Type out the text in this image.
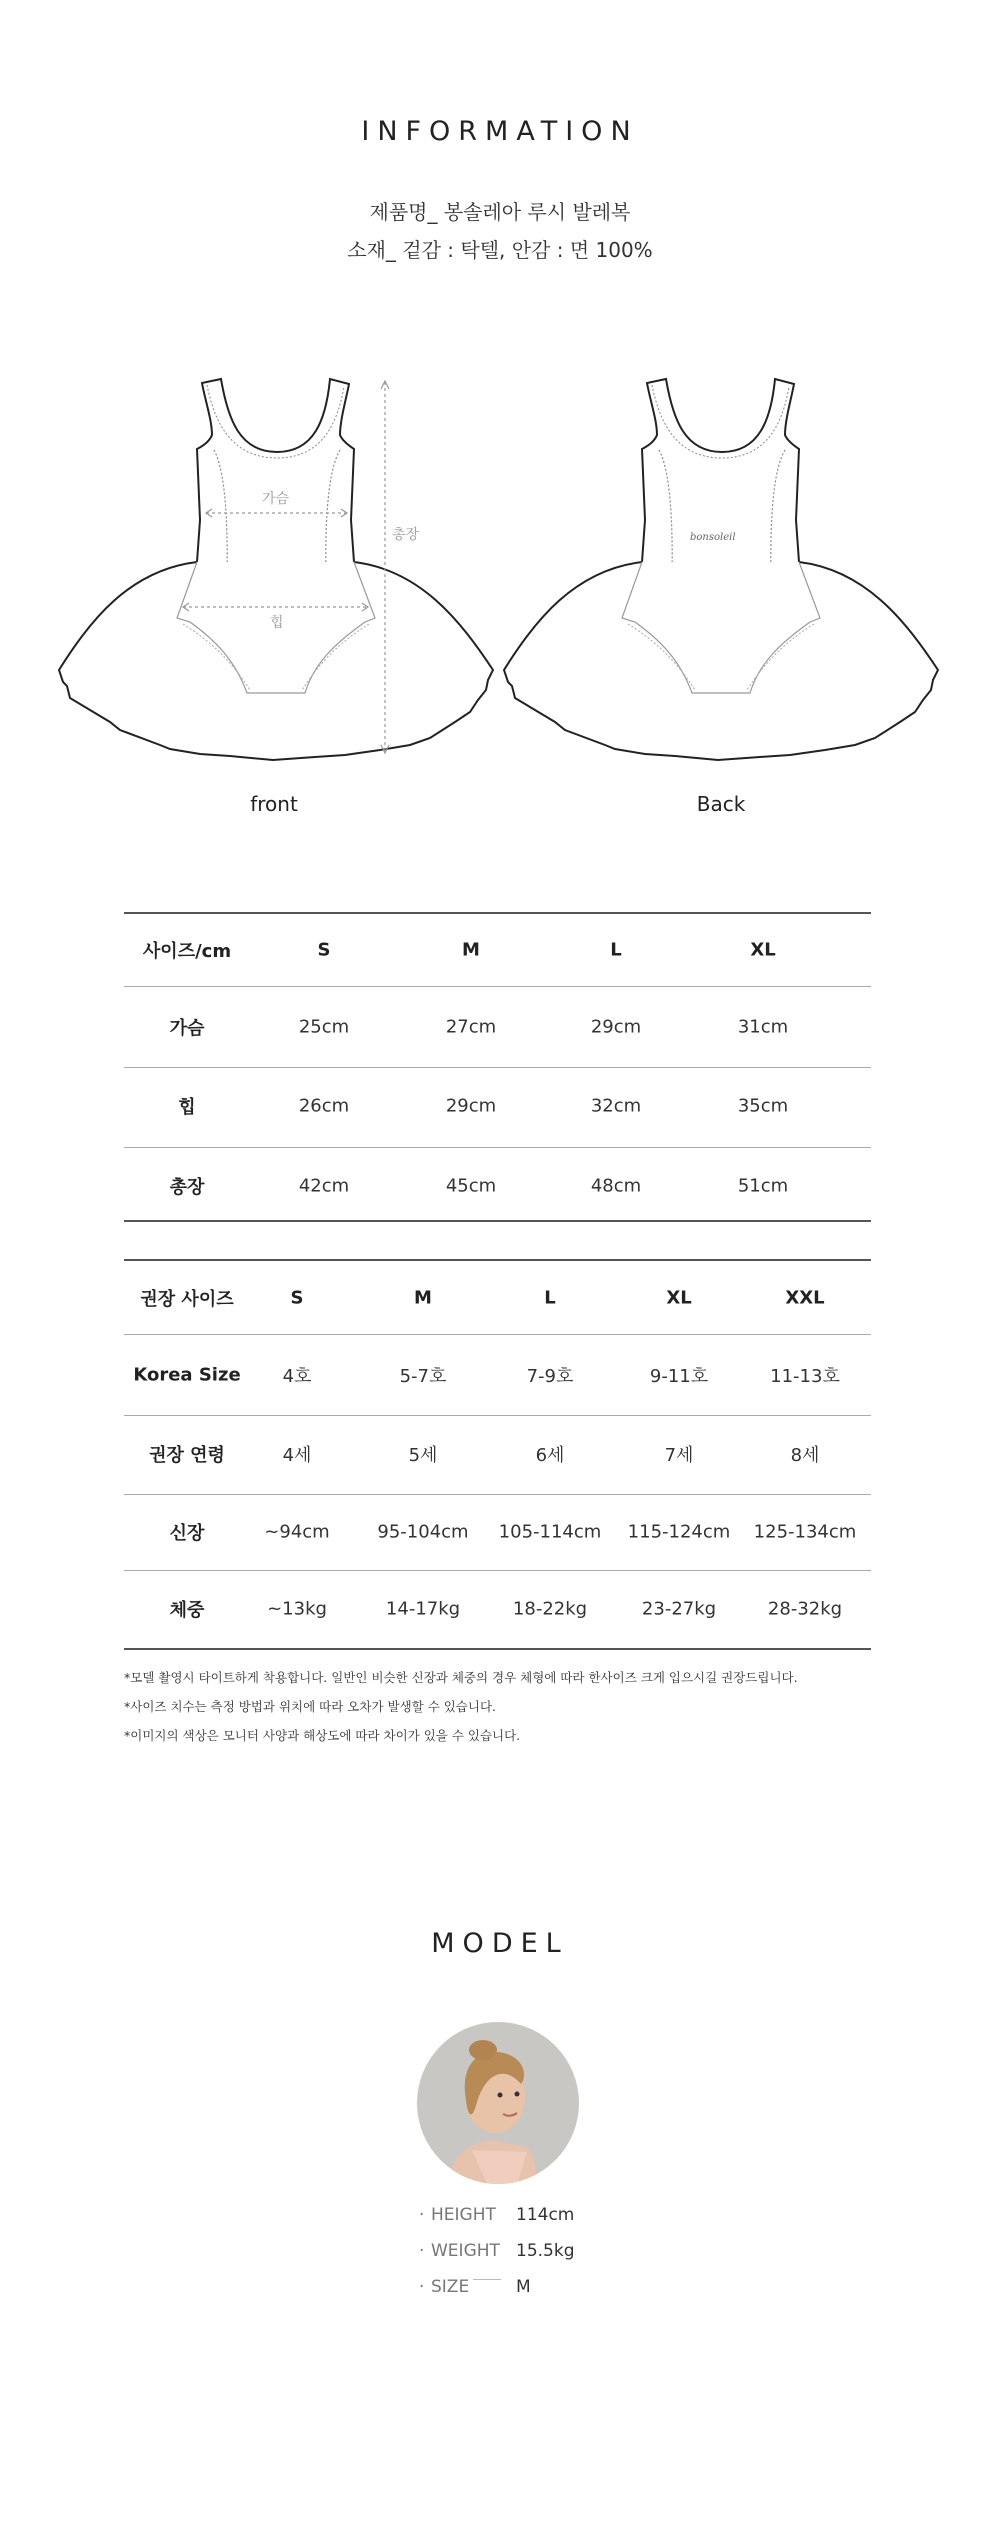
INFORMATION
제품명_ 봉솔레아 루시 발레복
소재_ 겉감 : 탁텔, 안감 : 면 100%
가슴
힙
총장	bonsoleil
front	Back
사이즈/cm	S	M	L	XL
가슴	25cm	27cm	29cm	31cm
힙	26cm	29cm	32cm	35cm
총장	42cm	45cm	48cm	51cm
권장 사이즈	S	M	L	XL	XXL
Korea Size 4호	5-7호	7-9호	9-11호	11-13호
권장 연령	4세	5세	6세	7세	8세
신장	~94cm	95-104cm 105-114cm 115-124cm 125-134cm
체중	~13kg	14-17kg	18-22kg	23-27kg	28-32kg
*모델 촬영시 타이트하게 착용합니다. 일반인 비슷한 신장과 체중의 경우 체형에 따라 한사이즈 크게 입으시길 권장드립니다.
*사이즈 치수는 측정 방법과 위치에 따라 오차가 발생할 수 있습니다.
*이미지의 색상은 모니터 사양과 해상도에 따라 차이가 있을 수 있습니다.
MODEL
· HEIGHT 114cm
· WEIGHT 15.5kg
· SIZE	M
